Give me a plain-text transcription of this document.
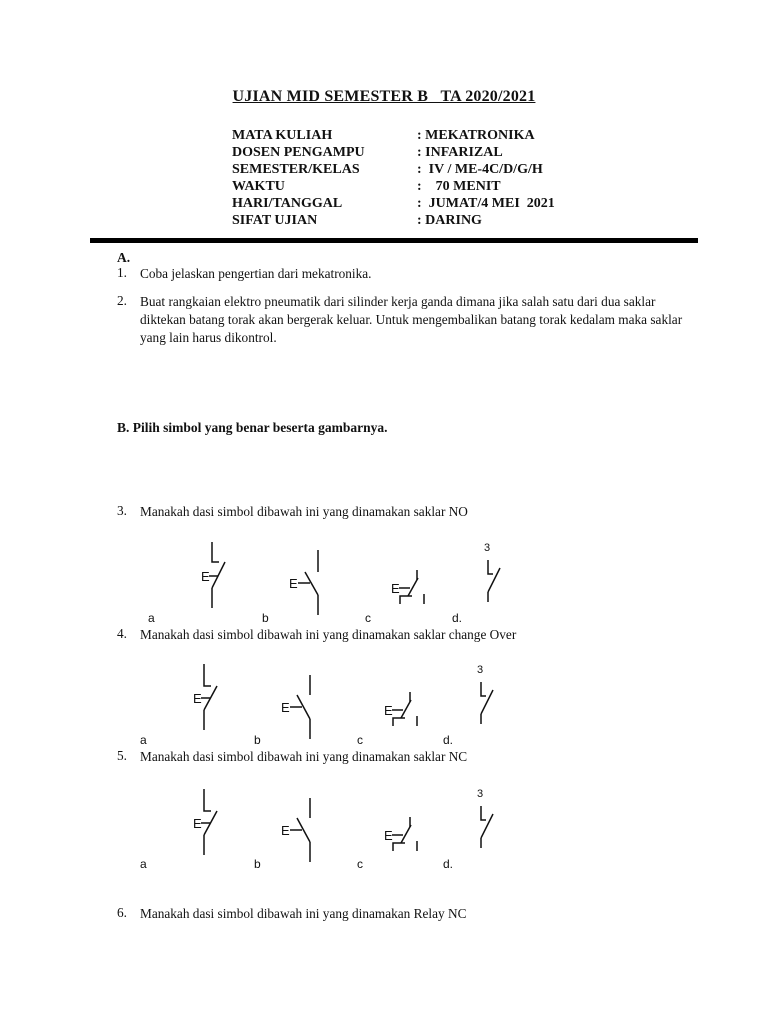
UJIAN MID SEMESTER B   TA 2020/2021
MATA KULIAH	: MEKATRONIKA
DOSEN PENGAMPU	: INFARIZAL
SEMESTER/KELAS	:  IV / ME-4C/D/G/H
WAKTU	:    70 MENIT
HARI/TANGGAL	:  JUMAT/4 MEI  2021
SIFAT UJIAN	: DARING
A.
1. Coba jelaskan pengertian dari mekatronika.
2. Buat rangkaian elektro pneumatik dari silinder kerja ganda dimana jika salah satu dari dua saklar diktekan batang torak akan bergerak keluar. Untuk mengembalikan batang torak kedalam maka saklar yang lain harus dikontrol.
B. Pilih simbol yang benar beserta gambarnya.
3. Manakah dasi simbol dibawah ini yang dinamakan saklar NO
E	E	E
3
a	b	c	d.
4. Manakah dasi simbol dibawah ini yang dinamakan saklar change Over
E
E	E
3
a	b	c	d.
5. Manakah dasi simbol dibawah ini yang dinamakan saklar NC
E	E	E
3
a	b	c	d.
6. Manakah dasi simbol dibawah ini yang dinamakan Relay NC
